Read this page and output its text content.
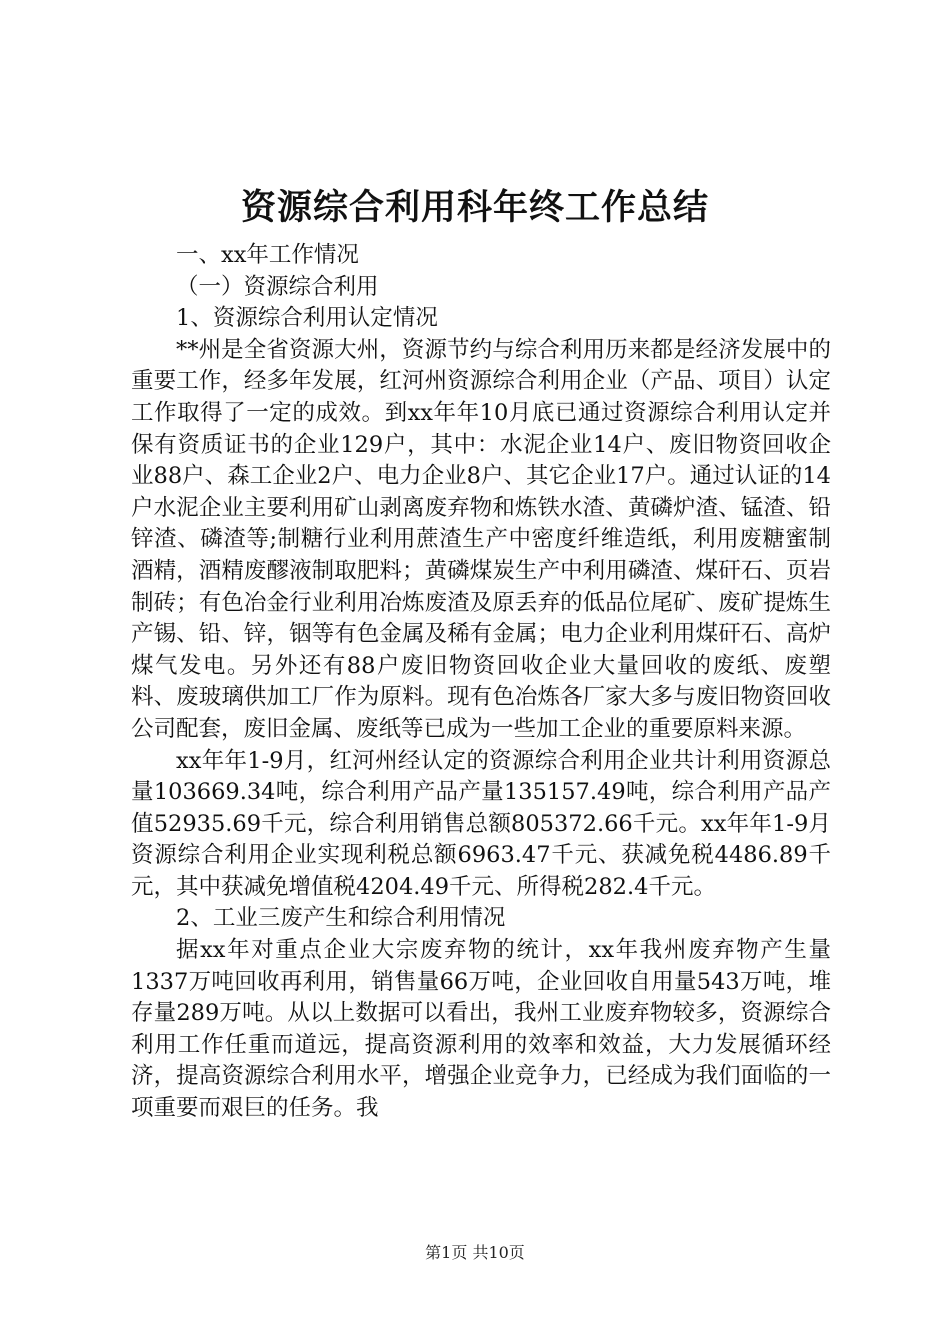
资源综合利用科年终工作总结

一、xx年工作情况

（一）资源综合利用

1、资源综合利用认定情况

**州是全省资源大州，资源节约与综合利用历来都是经济发展中的重要工作，经多年发展，红河州资源综合利用企业（产品、项目）认定工作取得了一定的成效。到xx年年10月底已通过资源综合利用认定并保有资质证书的企业129户，其中：水泥企业14户、废旧物资回收企业88户、森工企业2户、电力企业8户、其它企业17户。通过认证的14户水泥企业主要利用矿山剥离废弃物和炼铁水渣、黄磷炉渣、锰渣、铅锌渣、磷渣等;制糖行业利用蔗渣生产中密度纤维造纸，利用废糖蜜制酒精，酒精废醪液制取肥料；黄磷煤炭生产中利用磷渣、煤矸石、页岩制砖；有色冶金行业利用冶炼废渣及原丢弃的低品位尾矿、废矿提炼生产锡、铅、锌，铟等有色金属及稀有金属；电力企业利用煤矸石、高炉煤气发电。另外还有88户废旧物资回收企业大量回收的废纸、废塑料、废玻璃供加工厂作为原料。现有色冶炼各厂家大多与废旧物资回收公司配套，废旧金属、废纸等已成为一些加工企业的重要原料来源。

xx年年1-9月，红河州经认定的资源综合利用企业共计利用资源总量103669.34吨，综合利用产品产量135157.49吨，综合利用产品产值52935.69千元，综合利用销售总额805372.66千元。xx年年1-9月资源综合利用企业实现利税总额6963.47千元、获减免税4486.89千元，其中获减免增值税4204.49千元、所得税282.4千元。

2、工业三废产生和综合利用情况

据xx年对重点企业大宗废弃物的统计，xx年我州废弃物产生量1337万吨回收再利用，销售量66万吨，企业回收自用量543万吨，堆存量289万吨。从以上数据可以看出，我州工业废弃物较多，资源综合利用工作任重而道远，提高资源利用的效率和效益，大力发展循环经济，提高资源综合利用水平，增强企业竞争力，已经成为我们面临的一项重要而艰巨的任务。我

第1页 共10页
